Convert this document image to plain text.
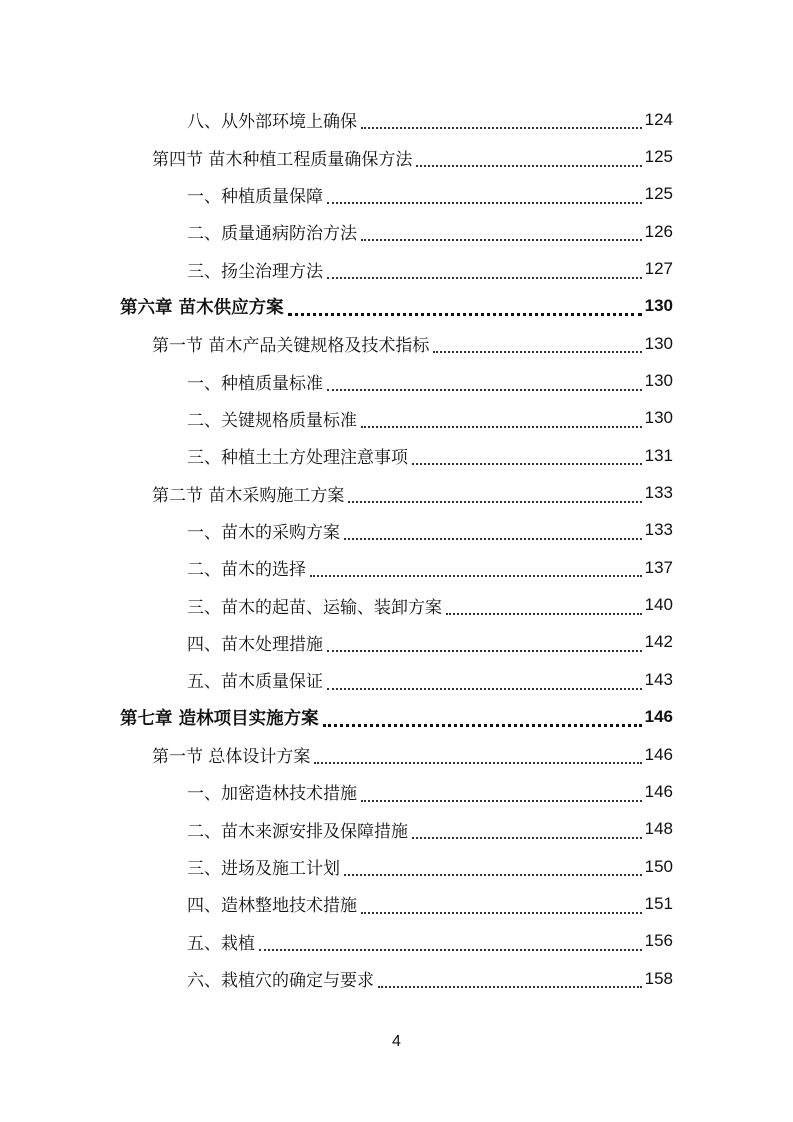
八、从外部环境上确保	124
第四节 苗木种植工程质量确保方法	125
一、种植质量保障	125
二、质量通病防治方法	126
三、扬尘治理方法	127
第六章 苗木供应方案	130
第一节 苗木产品关键规格及技术指标	130
一、种植质量标准	130
二、关键规格质量标准	130
三、种植土土方处理注意事项	131
第二节 苗木采购施工方案	133
一、苗木的采购方案	133
二、苗木的选择	137
三、苗木的起苗、运输、装卸方案	140
四、苗木处理措施	142
五、苗木质量保证	143
第七章 造林项目实施方案	146
第一节 总体设计方案	146
一、加密造林技术措施	146
二、苗木来源安排及保障措施	148
三、进场及施工计划	150
四、造林整地技术措施	151
五、栽植	156
六、栽植穴的确定与要求	158
4
